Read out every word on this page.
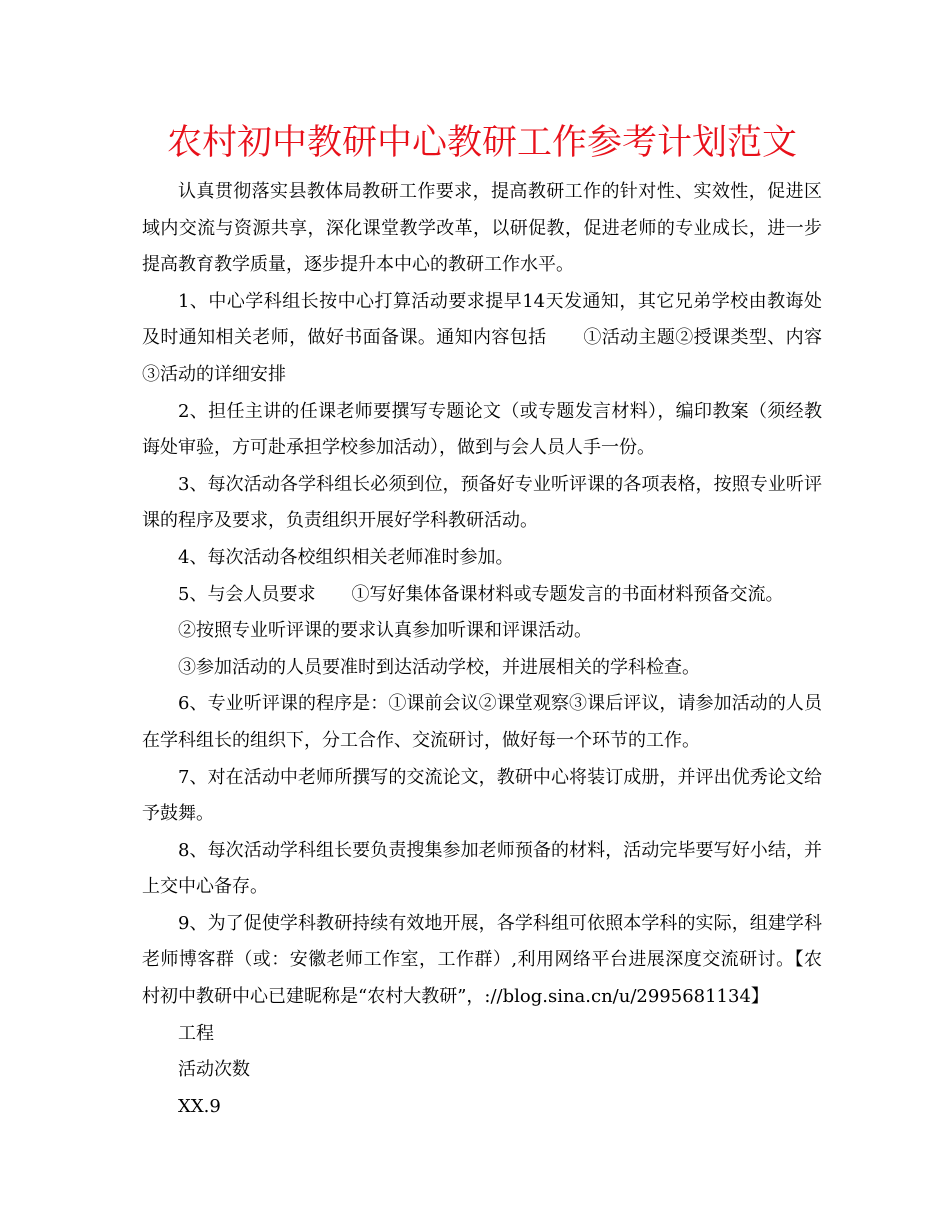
农村初中教研中心教研工作参考计划范文

认真贯彻落实县教体局教研工作要求，提高教研工作的针对性、实效性，促进区域内交流与资源共享，深化课堂教学改革，以研促教，促进老师的专业成长，进一步提高教育教学质量，逐步提升本中心的教研工作水平。

1、中心学科组长按中心打算活动要求提早14天发通知，其它兄弟学校由教诲处及时通知相关老师，做好书面备课。通知内容包括　　①活动主题②授课类型、内容③活动的详细安排

2、担任主讲的任课老师要撰写专题论文（或专题发言材料），编印教案（须经教诲处审验，方可赴承担学校参加活动），做到与会人员人手一份。

3、每次活动各学科组长必须到位，预备好专业听评课的各项表格，按照专业听评课的程序及要求，负责组织开展好学科教研活动。

4、每次活动各校组织相关老师准时参加。

5、与会人员要求　　①写好集体备课材料或专题发言的书面材料预备交流。

②按照专业听评课的要求认真参加听课和评课活动。

③参加活动的人员要准时到达活动学校，并进展相关的学科检查。

6、专业听评课的程序是：①课前会议②课堂观察③课后评议，请参加活动的人员在学科组长的组织下，分工合作、交流研讨，做好每一个环节的工作。

7、对在活动中老师所撰写的交流论文，教研中心将装订成册，并评出优秀论文给予鼓舞。

8、每次活动学科组长要负责搜集参加老师预备的材料，活动完毕要写好小结，并上交中心备存。

9、为了促使学科教研持续有效地开展，各学科组可依照本学科的实际，组建学科老师博客群（或：安徽老师工作室，工作群）,利用网络平台进展深度交流研讨。【农村初中教研中心已建昵称是“农村大教研”，://blog.sina.cn/u/2995681134】

工程

活动次数

XX.9
